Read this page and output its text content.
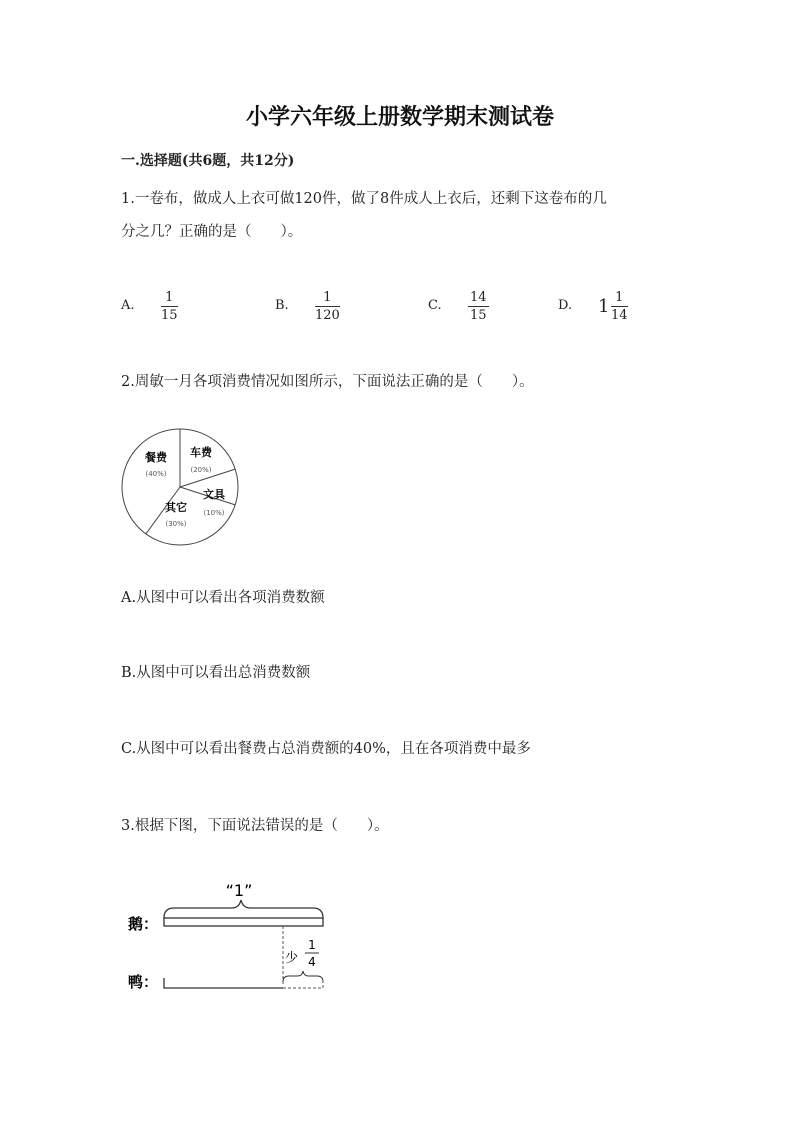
小学六年级上册数学期末测试卷
一.选择题(共6题，共12分)
1.一卷布，做成人上衣可做120件，做了8件成人上衣后，还剩下这卷布的几
分之几？正确的是（　　）。
A.
1
15
B.
1
120
C.
14
15
D. 1 1
14
2.周敏一月各项消费情况如图所示，下面说法正确的是（　　）。
餐费
(40%)
车费
(20%)
文具
(10%)
其它
(30%)
A.从图中可以看出各项消费数额
B.从图中可以看出总消费数额
C.从图中可以看出餐费占总消费额的40%，且在各项消费中最多
3.根据下图，下面说法错误的是（　　）。
“1”
鹅：
少
1
4
鸭：
